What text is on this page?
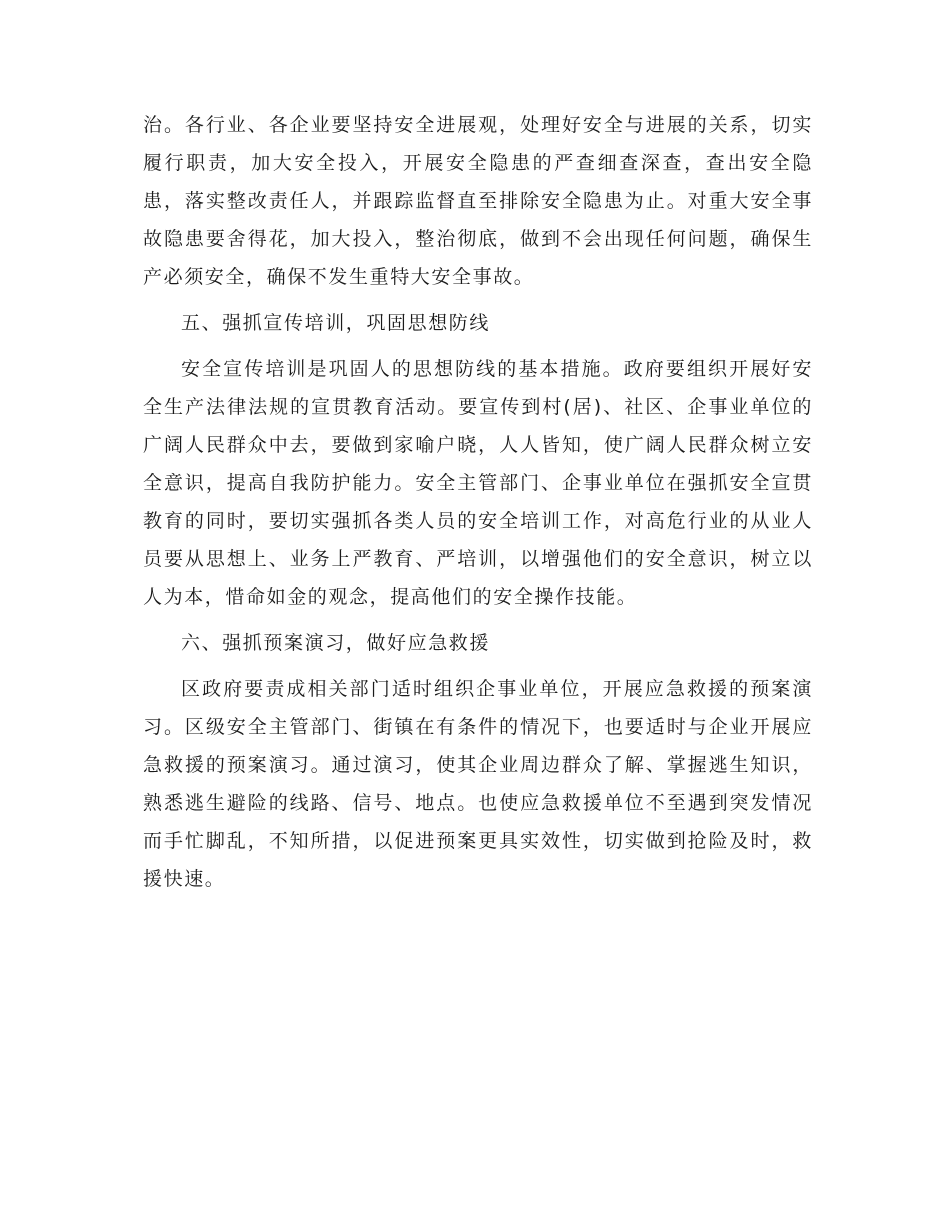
治。各行业、各企业要坚持安全进展观，处理好安全与进展的关系，切实履行职责，加大安全投入，开展安全隐患的严查细查深查，查出安全隐患，落实整改责任人，并跟踪监督直至排除安全隐患为止。对重大安全事故隐患要舍得花，加大投入，整治彻底，做到不会出现任何问题，确保生产必须安全，确保不发生重特大安全事故。

五、强抓宣传培训，巩固思想防线

安全宣传培训是巩固人的思想防线的基本措施。政府要组织开展好安全生产法律法规的宣贯教育活动。要宣传到村(居)、社区、企事业单位的广阔人民群众中去，要做到家喻户晓，人人皆知，使广阔人民群众树立安全意识，提高自我防护能力。安全主管部门、企事业单位在强抓安全宣贯教育的同时，要切实强抓各类人员的安全培训工作，对高危行业的从业人员要从思想上、业务上严教育、严培训，以增强他们的安全意识，树立以人为本，惜命如金的观念，提高他们的安全操作技能。

六、强抓预案演习，做好应急救援

区政府要责成相关部门适时组织企事业单位，开展应急救援的预案演习。区级安全主管部门、街镇在有条件的情况下，也要适时与企业开展应急救援的预案演习。通过演习，使其企业周边群众了解、掌握逃生知识，熟悉逃生避险的线路、信号、地点。也使应急救援单位不至遇到突发情况而手忙脚乱，不知所措，以促进预案更具实效性，切实做到抢险及时，救援快速。
